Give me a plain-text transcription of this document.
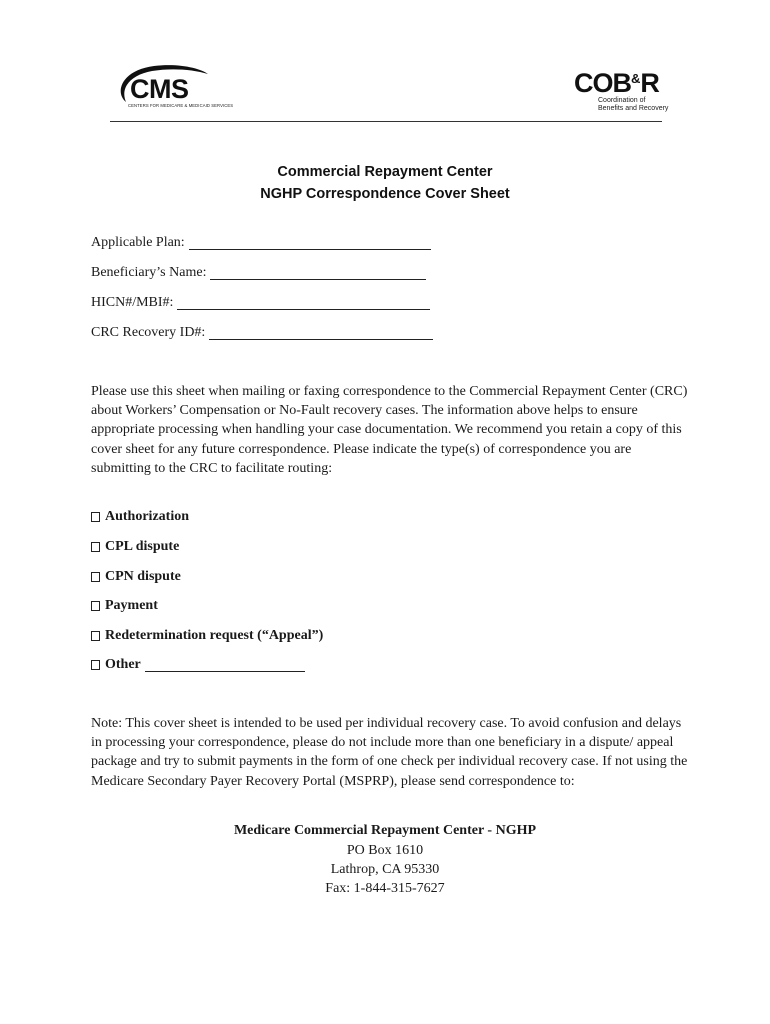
CMS
CENTERS FOR MEDICARE & MEDICAID SERVICES
COB&R
Coordination of
Benefits and Recovery
Commercial Repayment Center
NGHP Correspondence Cover Sheet
Applicable Plan:
Beneficiary’s Name:
HICN#/MBI#:
CRC Recovery ID#:

Please use this sheet when mailing or faxing correspondence to the Commercial Repayment Center (CRC) about Workers’ Compensation or No-Fault recovery cases. The information above helps to ensure appropriate processing when handling your case documentation. We recommend you retain a copy of this cover sheet for any future correspondence. Please indicate the type(s) of correspondence you are submitting to the CRC to facilitate routing:

Authorization
CPL dispute
CPN dispute
Payment
Redetermination request (“Appeal”)
Other

Note: This cover sheet is intended to be used per individual recovery case. To avoid confusion and delays in processing your correspondence, please do not include more than one beneficiary in a dispute/ appeal package and try to submit payments in the form of one check per individual recovery case. If not using the Medicare Secondary Payer Recovery Portal (MSPRP), please send correspondence to:

Medicare Commercial Repayment Center - NGHP
PO Box 1610
Lathrop, CA 95330
Fax: 1-844-315-7627
